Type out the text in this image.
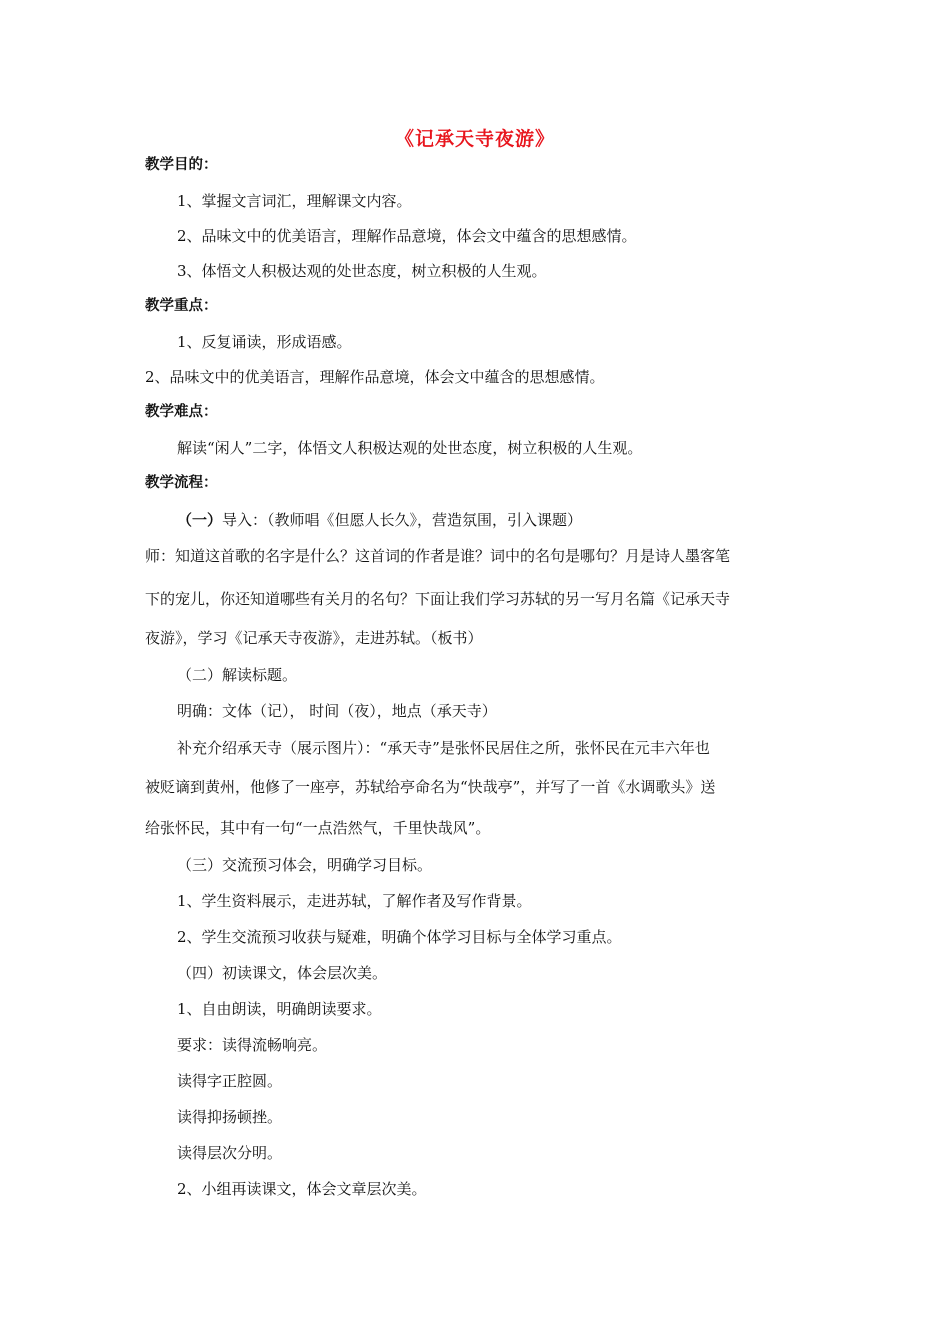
《记承天寺夜游》
教学目的：
1、掌握文言词汇，理解课文内容。
2、品味文中的优美语言，理解作品意境，体会文中蕴含的思想感情。
3、体悟文人积极达观的处世态度，树立积极的人生观。
教学重点：
1、反复诵读，形成语感。
2、品味文中的优美语言，理解作品意境，体会文中蕴含的思想感情。
教学难点：
解读“闲人”二字，体悟文人积极达观的处世态度，树立积极的人生观。
教学流程：
（一）导入：（教师唱《但愿人长久》，营造氛围，引入课题）
师：知道这首歌的名字是什么？这首词的作者是谁？词中的名句是哪句？月是诗人墨客笔
下的宠儿，你还知道哪些有关月的名句？下面让我们学习苏轼的另一写月名篇《记承天寺
夜游》，学习《记承天寺夜游》，走进苏轼。（板书）
（二）解读标题。
明确：文体（记）， 时间（夜），地点（承天寺）
补充介绍承天寺（展示图片）：“承天寺”是张怀民居住之所，张怀民在元丰六年也
被贬谪到黄州，他修了一座亭，苏轼给亭命名为“快哉亭”，并写了一首《水调歌头》送
给张怀民，其中有一句“一点浩然气，千里快哉风”。
（三）交流预习体会，明确学习目标。
1、学生资料展示，走进苏轼，了解作者及写作背景。
2、学生交流预习收获与疑难，明确个体学习目标与全体学习重点。
（四）初读课文，体会层次美。
1、自由朗读，明确朗读要求。
要求：读得流畅响亮。
读得字正腔圆。
读得抑扬顿挫。
读得层次分明。
2、小组再读课文，体会文章层次美。
